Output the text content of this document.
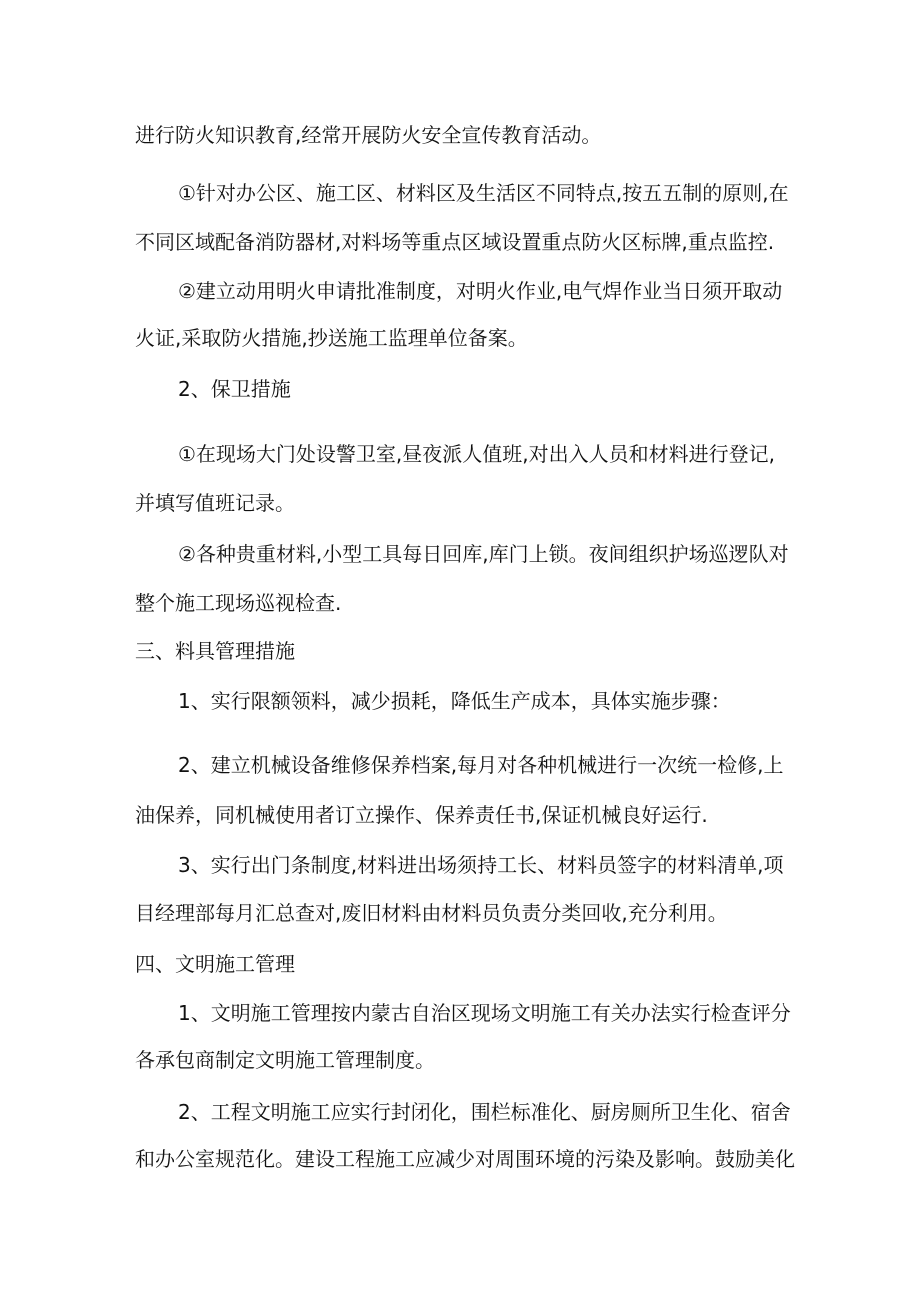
进行防火知识教育,经常开展防火安全宣传教育活动。
①针对办公区、施工区、材料区及生活区不同特点,按五五制的原则,在
不同区域配备消防器材,对料场等重点区域设置重点防火区标牌,重点监控.
②建立动用明火申请批准制度，对明火作业,电气焊作业当日须开取动
火证,采取防火措施,抄送施工监理单位备案。
2、保卫措施
①在现场大门处设警卫室,昼夜派人值班,对出入人员和材料进行登记,
并填写值班记录。
②各种贵重材料,小型工具每日回库,库门上锁。夜间组织护场巡逻队对
整个施工现场巡视检查.
三、料具管理措施
1、实行限额领料，减少损耗，降低生产成本，具体实施步骤：
2、建立机械设备维修保养档案,每月对各种机械进行一次统一检修,上
油保养，同机械使用者订立操作、保养责任书,保证机械良好运行.
3、实行出门条制度,材料进出场须持工长、材料员签字的材料清单,项
目经理部每月汇总查对,废旧材料由材料员负责分类回收,充分利用。
四、文明施工管理
1、文明施工管理按内蒙古自治区现场文明施工有关办法实行检查评分
各承包商制定文明施工管理制度。
2、工程文明施工应实行封闭化，围栏标准化、厨房厕所卫生化、宿舍
和办公室规范化。建设工程施工应减少对周围环境的污染及影响。鼓励美化
